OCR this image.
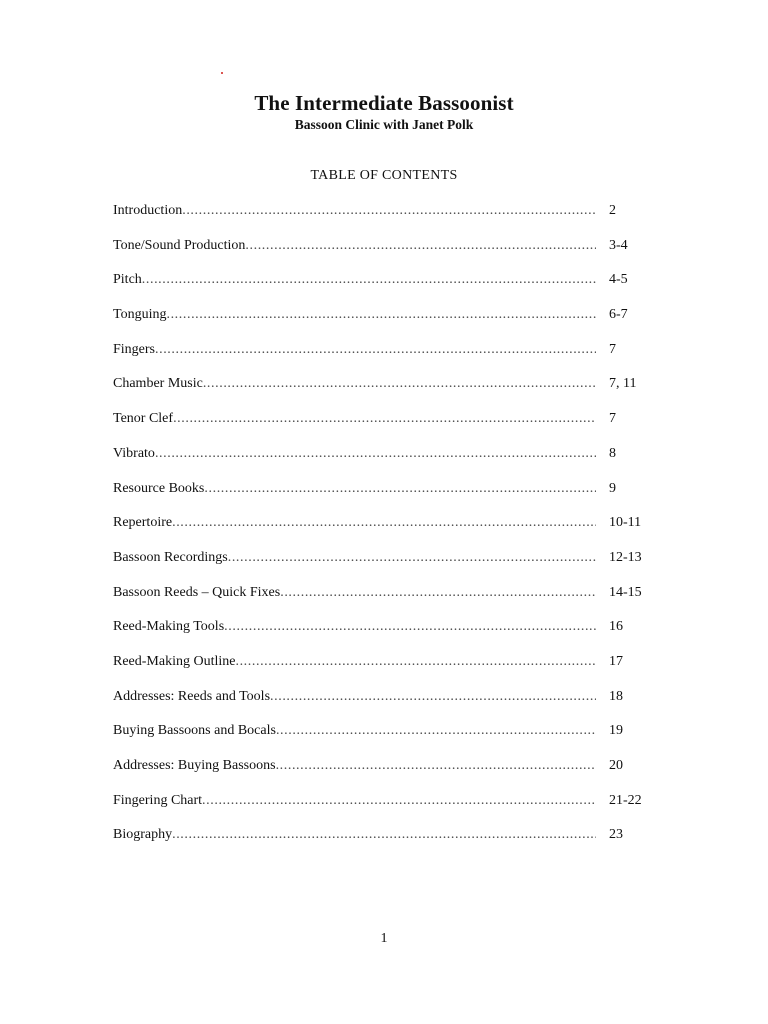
The Intermediate Bassoonist
Bassoon Clinic with Janet Polk
TABLE OF CONTENTS
Introduction .....	2
Tone/Sound Production .....	3-4
Pitch .....	4-5
Tonguing .....	6-7
Fingers .....	7
Chamber Music .....	7, 11
Tenor Clef .....	7
Vibrato .....	8
Resource Books .....	9
Repertoire .....	10-11
Bassoon Recordings .....	12-13
Bassoon Reeds – Quick Fixes .....	14-15
Reed-Making Tools .....	16
Reed-Making Outline .....	17
Addresses: Reeds and Tools .....	18
Buying Bassoons and Bocals .....	19
Addresses: Buying Bassoons .....	20
Fingering Chart .....	21-22
Biography .....	23
1
